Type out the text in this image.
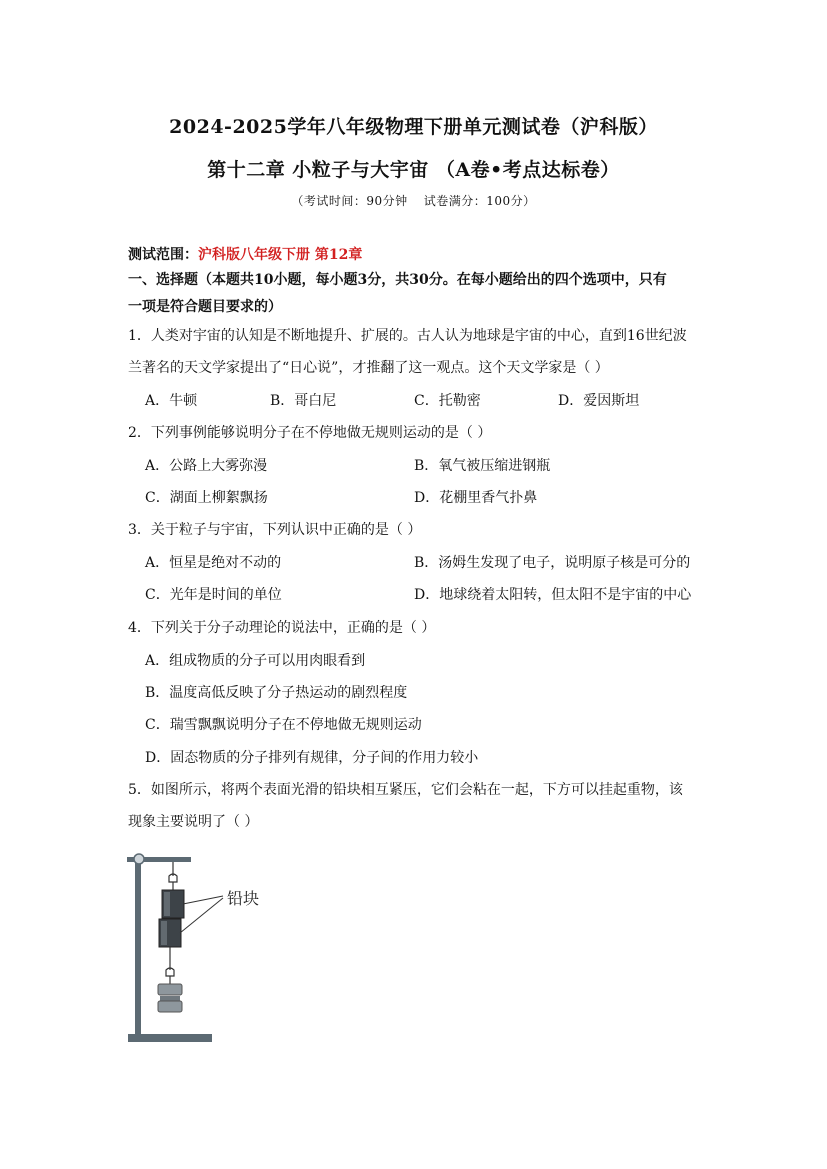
2024-2025学年八年级物理下册单元测试卷（沪科版）
第十二章 小粒子与大宇宙 （A卷•考点达标卷）
（考试时间：90分钟 试卷满分：100分）
测试范围：沪科版八年级下册 第12章
一、选择题（本题共10小题，每小题3分，共30分。在每小题给出的四个选项中，只有
一项是符合题目要求的）
1．人类对宇宙的认知是不断地提升、扩展的。古人认为地球是宇宙的中心，直到16世纪波
兰著名的天文学家提出了“日心说”，才推翻了这一观点。这个天文学家是（ ）
A．牛顿	B．哥白尼	C．托勒密	D．爱因斯坦
2．下列事例能够说明分子在不停地做无规则运动的是（ ）
A．公路上大雾弥漫	B．氧气被压缩进钢瓶
C．湖面上柳絮飘扬	D．花棚里香气扑鼻
3．关于粒子与宇宙，下列认识中正确的是（ ）
A．恒星是绝对不动的	B．汤姆生发现了电子，说明原子核是可分的
C．光年是时间的单位	D．地球绕着太阳转，但太阳不是宇宙的中心
4．下列关于分子动理论的说法中，正确的是（ ）
A．组成物质的分子可以用肉眼看到
B．温度高低反映了分子热运动的剧烈程度
C．瑞雪飘飘说明分子在不停地做无规则运动
D．固态物质的分子排列有规律，分子间的作用力较小
5．如图所示，将两个表面光滑的铅块相互紧压，它们会粘在一起，下方可以挂起重物，该
现象主要说明了（ ）
铅块
